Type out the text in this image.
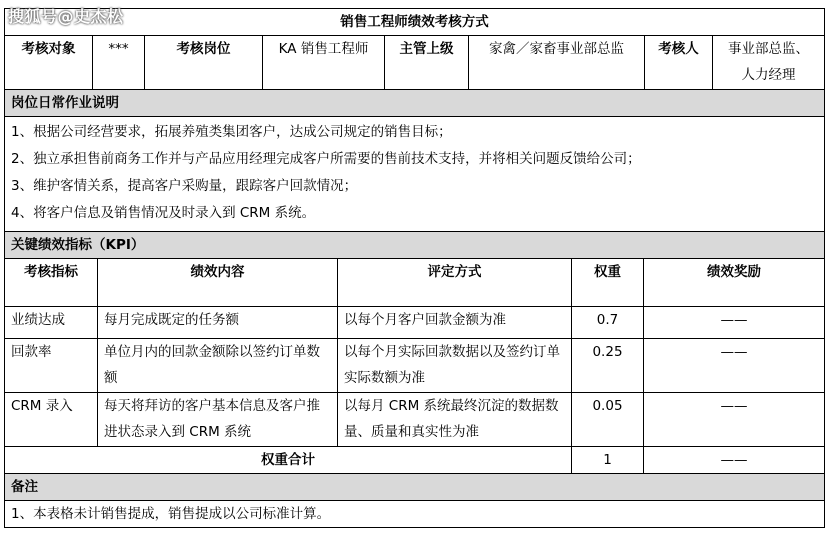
搜狐号@史杰松	销售工程师绩效考核方式
考核对象	***	考核岗位	KA 销售工程师	主管上级	家禽／家畜事业部总监	考核人	事业部总监、
人力经理

岗位日常作业说明

1、根据公司经营要求，拓展养殖类集团客户，达成公司规定的销售目标；
2、独立承担售前商务工作并与产品应用经理完成客户所需要的售前技术支持，并将相关问题反馈给公司；
3、维护客情关系，提高客户采购量，跟踪客户回款情况；
4、将客户信息及销售情况及时录入到 CRM 系统。
关键绩效指标（KPI）				
考核指标	绩效内容	评定方式	权重	绩效奖励
业绩达成	每月完成既定的任务额	以每个月客户回款金额为准	0.7	——
回款率	单位月内的回款金额除以签约订单数额	以每个月实际回款数据以及签约订单实际数额为准	0.25	——
CRM 录入	每天将拜访的客户基本信息及客户推进状态录入到 CRM 系统	以每月 CRM 系统最终沉淀的数据数量、质量和真实性为准	0.05	——
权重合计			1	——
备注				
1、本表格未计销售提成，销售提成以公司标准计算。				
